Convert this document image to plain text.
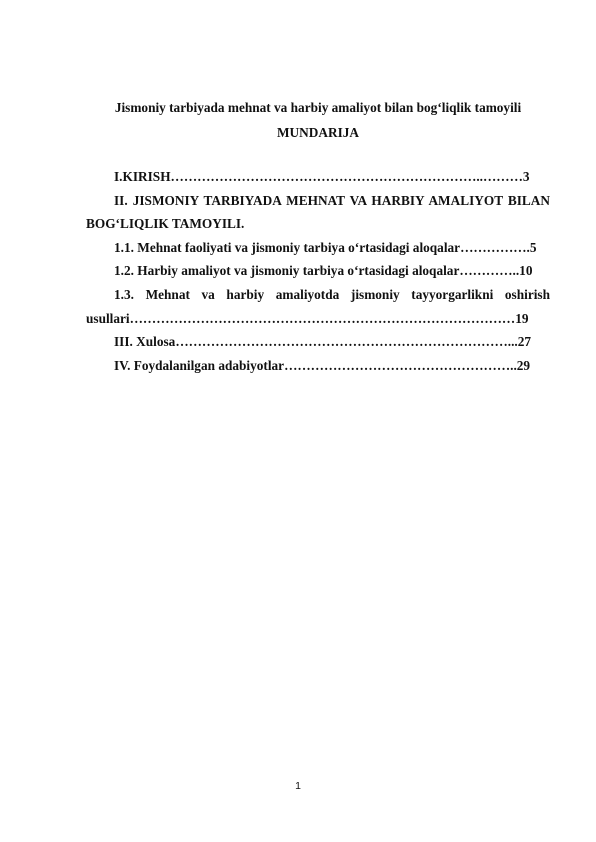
Jismoniy tarbiyada mehnat va harbiy amaliyot bilan bog‘liqlik tamoyili
MUNDARIJA

I.KIRISH……………………………………………………………..………3

II. JISMONIY TARBIYADA MEHNAT VA HARBIY AMALIYOT BILAN BOG‘LIQLIK TAMOYILI.

1.1. Mehnat faoliyati va jismoniy tarbiya o‘rtasidagi aloqalar…………….5

1.2. Harbiy amaliyot va jismoniy tarbiya o‘rtasidagi aloqalar…………..10

1.3. Mehnat va harbiy amaliyotda jismoniy tayyorgarlikni oshirish usullari……………………………………………………………………………19

III. Xulosa…………………………………………………………………...27

IV. Foydalanilgan adabiyotlar……………………………………………..29

1
